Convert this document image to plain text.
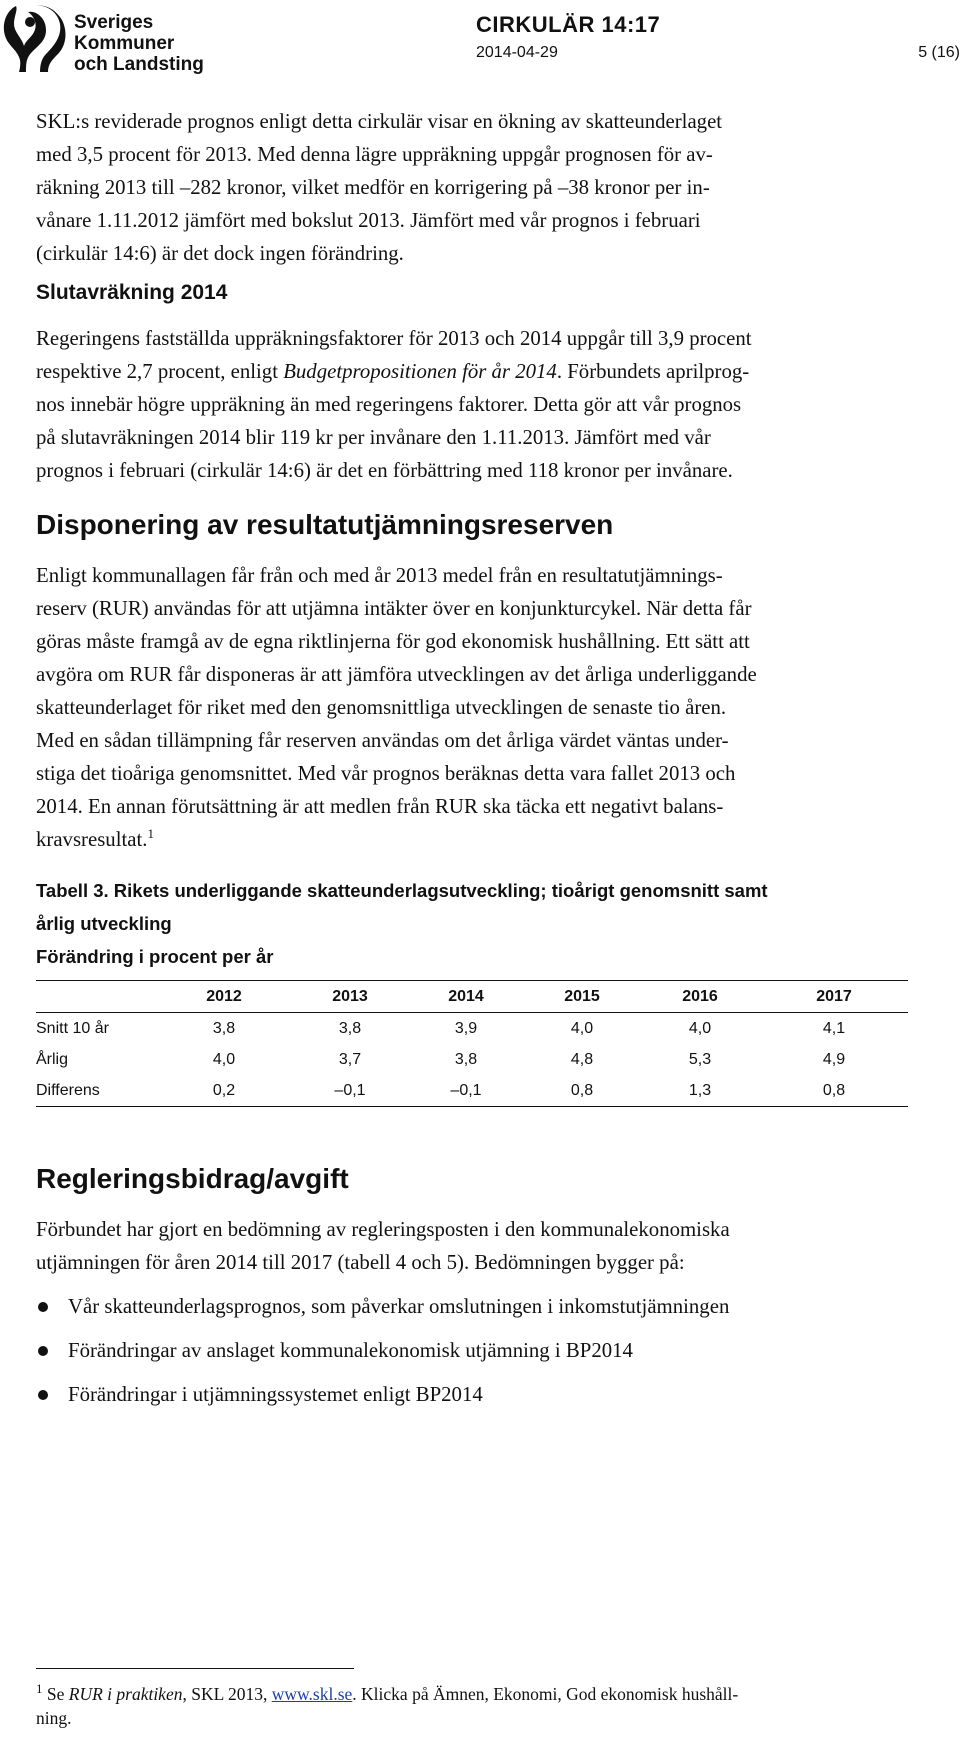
Sveriges
Kommuner
och Landsting
CIRKULÄR 14:17
2014-04-29	5 (16)

SKL:s reviderade prognos enligt detta cirkulär visar en ökning av skatteunderlaget
med 3,5 procent för 2013. Med denna lägre uppräkning uppgår prognosen för av-
räkning 2013 till –282 kronor, vilket medför en korrigering på –38 kronor per in-
vånare 1.11.2012 jämfört med bokslut 2013. Jämfört med vår prognos i februari
(cirkulär 14:6) är det dock ingen förändring.

Slutavräkning 2014

Regeringens fastställda uppräkningsfaktorer för 2013 och 2014 uppgår till 3,9 procent
respektive 2,7 procent, enligt Budgetpropositionen för år 2014. Förbundets aprilprog-
nos innebär högre uppräkning än med regeringens faktorer. Detta gör att vår prognos
på slutavräkningen 2014 blir 119 kr per invånare den 1.11.2013. Jämfört med vår
prognos i februari (cirkulär 14:6) är det en förbättring med 118 kronor per invånare.

Disponering av resultatutjämningsreserven

Enligt kommunallagen får från och med år 2013 medel från en resultatutjämnings-
reserv (RUR) användas för att utjämna intäkter över en konjunkturcykel. När detta får
göras måste framgå av de egna riktlinjerna för god ekonomisk hushållning. Ett sätt att
avgöra om RUR får disponeras är att jämföra utvecklingen av det årliga underliggande
skatteunderlaget för riket med den genomsnittliga utvecklingen de senaste tio åren.
Med en sådan tillämpning får reserven användas om det årliga värdet väntas under-
stiga det tioåriga genomsnittet. Med vår prognos beräknas detta vara fallet 2013 och
2014. En annan förutsättning är att medlen från RUR ska täcka ett negativt balans-
kravsresultat.$^1$

Tabell 3. Rikets underliggande skatteunderlagsutveckling; tioårigt genomsnitt samt

årlig utveckling

Förändring i procent per år

	2012	2013	2014	2015	2016	2017
Snitt 10 år	3,8	3,8	3,9	4,0	4,0	4,1
Årlig	4,0	3,7	3,8	4,8	5,3	4,9
Differens	0,2	–0,1	–0,1	0,8	1,3	0,8
Regleringsbidrag/avgift

Förbundet har gjort en bedömning av regleringsposten i den kommunalekonomiska
utjämningen för åren 2014 till 2017 (tabell 4 och 5). Bedömningen bygger på:

Vår skatteunderlagsprognos, som påverkar omslutningen i inkomstutjämningen
Förändringar av anslaget kommunalekonomisk utjämning i BP2014
Förändringar i utjämningssystemet enligt BP2014
$^1$ Se RUR i praktiken, SKL 2013, www.skl.se. Klicka på Ämnen, Ekonomi, God ekonomisk hushåll-
ning.
